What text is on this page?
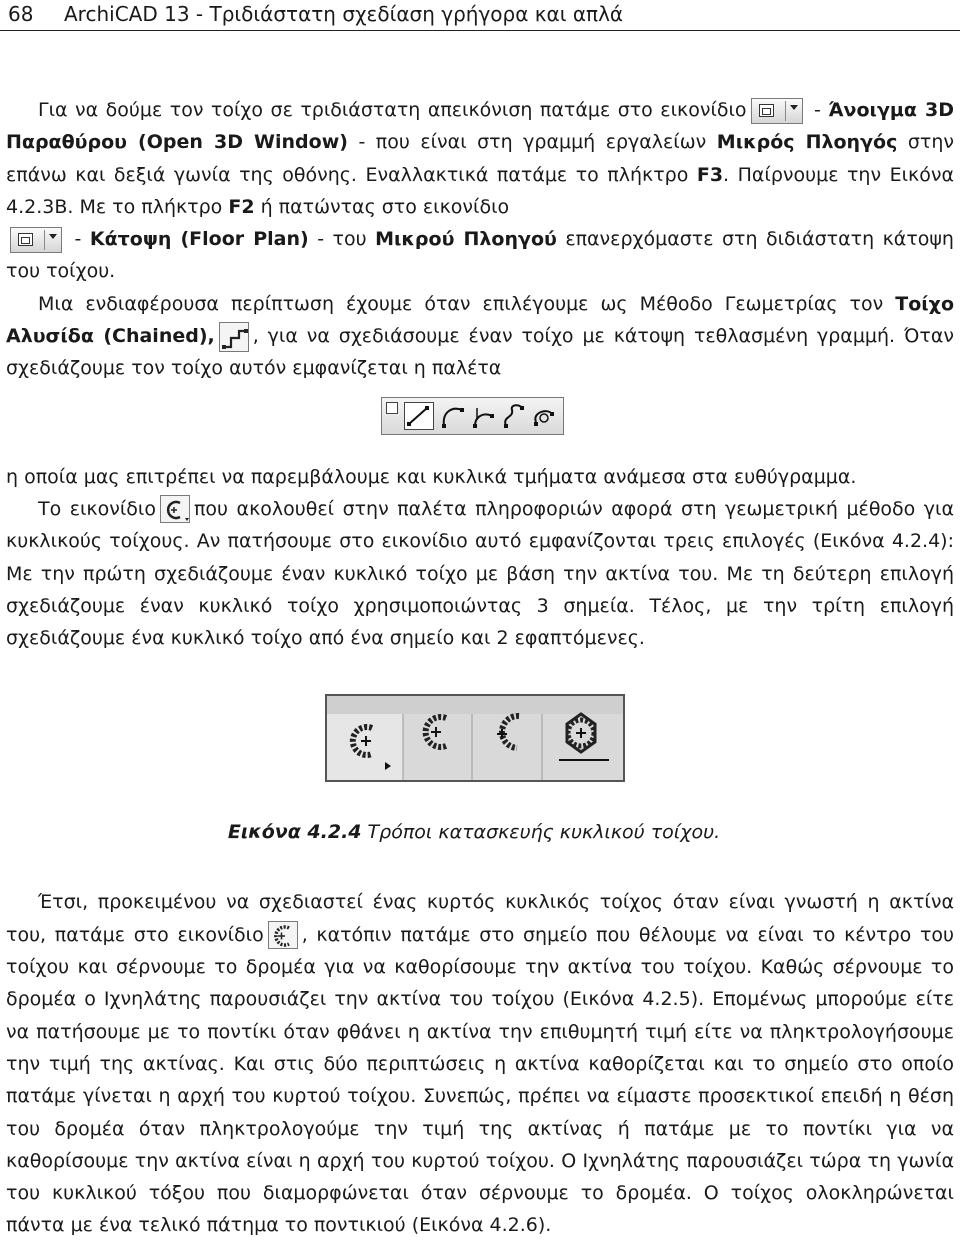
68 ArchiCAD 13 - Τριδιάστατη σχεδίαση γρήγορα και απλά

Για να δούμε τον τοίχο σε τριδιάστατη απεικόνιση πατάμε στο εικονίδιο	- Άνοιγμα 3D Παραθύρου (Open 3D Window) - που είναι στη γραμμή εργαλείων Μικρός Πλοηγός στην επάνω και δεξιά γωνία της οθόνης. Εναλλακτικά πατάμε το πλήκτρο F3. Παίρνουμε την Εικόνα 4.2.3Β. Με το πλήκτρο F2 ή πατώντας στο εικονίδιο

- Κάτοψη (Floor Plan) - του Μικρού Πλοηγού επανερχόμαστε στη διδιάστατη κάτοψη του τοίχου.

Μια ενδιαφέρουσα περίπτωση έχουμε όταν επιλέγουμε ως Μέθοδο Γεωμετρίας τον Τοίχο Αλυσίδα (Chained), , για να σχεδιάσουμε έναν τοίχο με κάτοψη τεθλασμένη γραμμή. Όταν σχεδιάζουμε τον τοίχο αυτόν εμφανίζεται η παλέτα

η οποία μας επιτρέπει να παρεμβάλουμε και κυκλικά τμήματα ανάμεσα στα ευθύγραμμα.

Το εικονίδιο που ακολουθεί στην παλέτα πληροφοριών αφορά στη γεωμετρική μέθοδο για κυκλικούς τοίχους. Αν πατήσουμε στο εικονίδιο αυτό εμφανίζονται τρεις επιλογές (Εικόνα 4.2.4): Με την πρώτη σχεδιάζουμε έναν κυκλικό τοίχο με βάση την ακτίνα του. Με τη δεύτερη επιλογή σχεδιάζουμε έναν κυκλικό τοίχο χρησιμοποιώντας 3 σημεία. Τέλος, με την τρίτη επιλογή σχεδιάζουμε ένα κυκλικό τοίχο από ένα σημείο και 2 εφαπτόμενες.

Εικόνα 4.2.4 Τρόποι κατασκευής κυκλικού τοίχου.

Έτσι, προκειμένου να σχεδιαστεί ένας κυρτός κυκλικός τοίχος όταν είναι γνωστή η ακτίνα του, πατάμε στο εικονίδιο , κατόπιν πατάμε στο σημείο που θέλουμε να είναι το κέντρο του τοίχου και σέρνουμε το δρομέα για να καθορίσουμε την ακτίνα του τοίχου. Καθώς σέρνουμε το δρομέα ο Ιχνηλάτης παρουσιάζει την ακτίνα του τοίχου (Εικόνα 4.2.5). Επομένως μπορούμε είτε να πατήσουμε με το ποντίκι όταν φθάνει η ακτίνα την επιθυμητή τιμή είτε να πληκτρολογήσουμε την τιμή της ακτίνας. Και στις δύο περιπτώσεις η ακτίνα καθορίζεται και το σημείο στο οποίο πατάμε γίνεται η αρχή του κυρτού τοίχου. Συνεπώς, πρέπει να είμαστε προσεκτικοί επειδή η θέση του δρομέα όταν πληκτρολογούμε την τιμή της ακτίνας ή πατάμε με το ποντίκι για να καθορίσουμε την ακτίνα είναι η αρχή του κυρτού τοίχου. Ο Ιχνηλάτης παρουσιάζει τώρα τη γωνία του κυκλικού τόξου που διαμορφώνεται όταν σέρνουμε το δρομέα. Ο τοίχος ολοκληρώνεται πάντα με ένα τελικό πάτημα το ποντικιού (Εικόνα 4.2.6).
